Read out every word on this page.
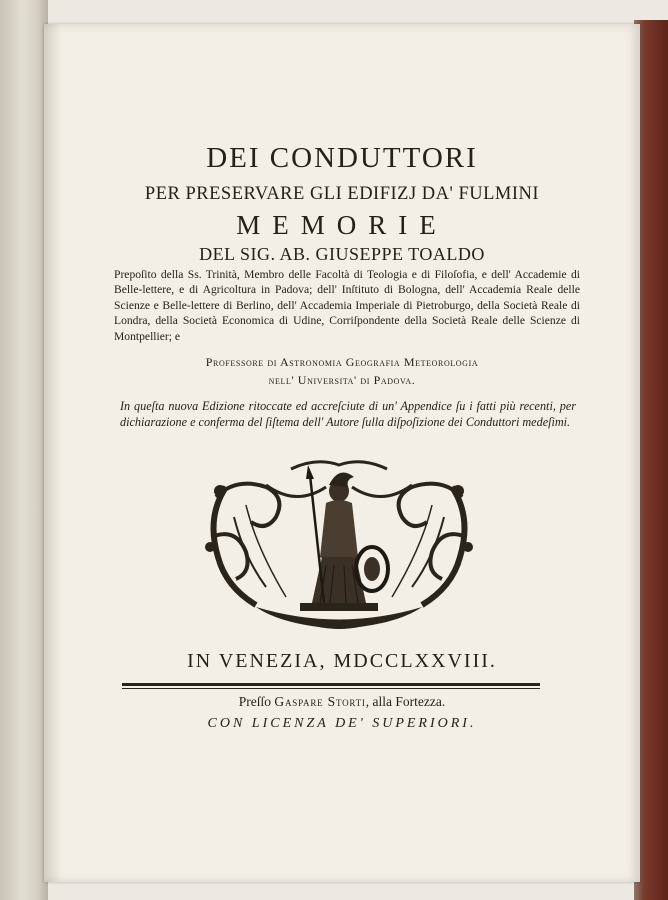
DEI CONDUTTORI
PER PRESERVARE GLI EDIFIZJ DA' FULMINI
MEMORIE
DEL SIG. AB. GIUSEPPE TOALDO
Prepoſito della Ss. Trinità, Membro delle Facoltà di Teologia e di Filoſofia, e dell' Accademie di Belle-lettere, e di Agricoltura in Padova; dell' Inſtituto di Bologna, dell' Accademia Reale delle Scienze e Belle-lettere di Berlino, dell' Accademia Imperiale di Pietroburgo, della Società Reale di Londra, della Società Economica di Udine, Corriſpondente della Società Reale delle Scienze di Montpellier; e
Professore di Astronomia Geografia Meteorologia
nell' Universita' di Padova.
In queſta nuova Edizione ritoccate ed accreſciute di un' Appendice ſu i fatti più recenti, per dichiarazione e conferma del ſiſtema dell' Autore ſulla diſpoſizione dei Conduttori medeſimi.
IN VENEZIA, MDCCLXXVIII.
Preſſo Gaspare Storti, alla Fortezza.
CON LICENZA DE' SUPERIORI.
